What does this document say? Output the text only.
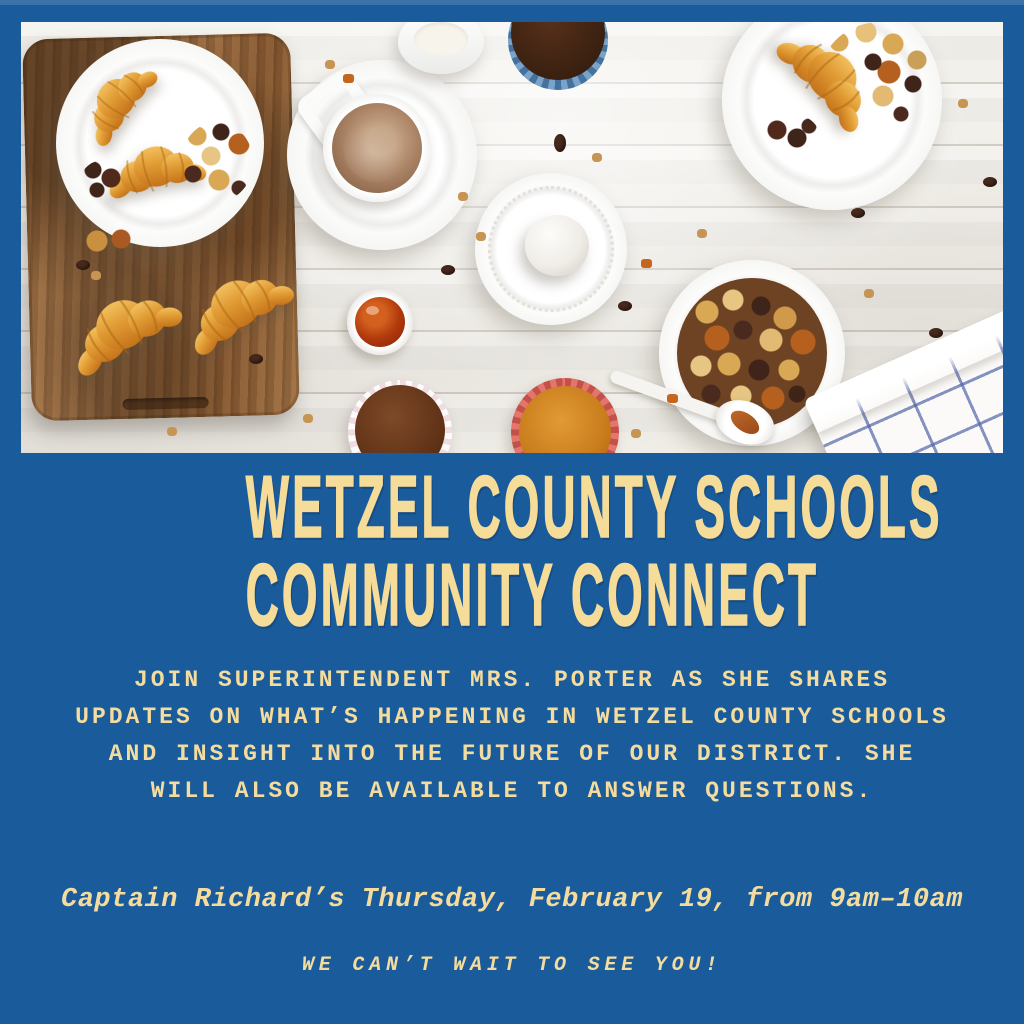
WETZEL COUNTY SCHOOLS
COMMUNITY CONNECT
JOIN SUPERINTENDENT MRS. PORTER AS SHE SHARES
UPDATES ON WHAT’S HAPPENING IN WETZEL COUNTY SCHOOLS
AND INSIGHT INTO THE FUTURE OF OUR DISTRICT. SHE
WILL ALSO BE AVAILABLE TO ANSWER QUESTIONS.
Captain Richard’s Thursday, February 19, from 9am–10am
WE CAN’T WAIT TO SEE YOU!
